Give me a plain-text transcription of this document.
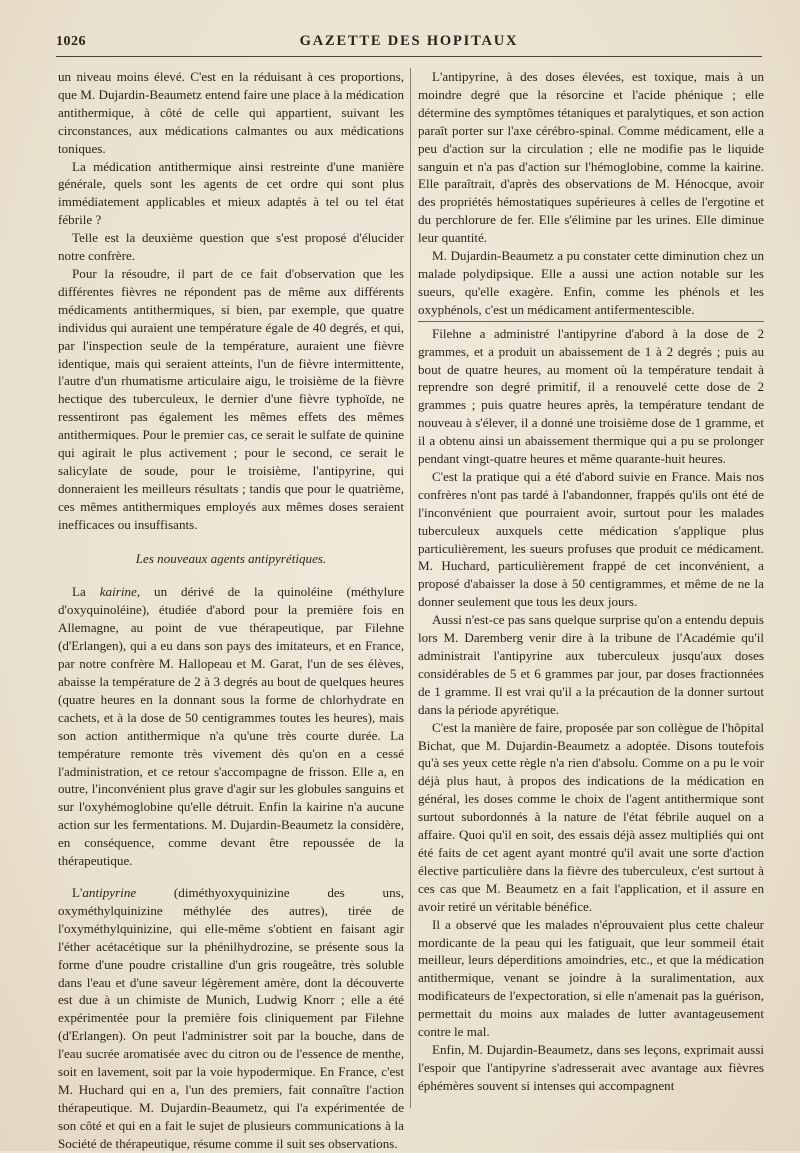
1026	GAZETTE DES HOPITAUX

un niveau moins élevé. C'est en la réduisant à ces proportions, que M. Dujardin-Beaumetz entend faire une place à la médication antithermique, à côté de celle qui appartient, suivant les circonstances, aux médications calmantes ou aux médications toniques.

La médication antithermique ainsi restreinte d'une manière générale, quels sont les agents de cet ordre qui sont plus immédiatement applicables et mieux adaptés à tel ou tel état fébrile ?

Telle est la deuxième question que s'est proposé d'élucider notre confrère.

Pour la résoudre, il part de ce fait d'observation que les différentes fièvres ne répondent pas de même aux différents médicaments antithermiques, si bien, par exemple, que quatre individus qui auraient une température égale de 40 degrés, et qui, par l'inspection seule de la température, auraient une fièvre identique, mais qui seraient atteints, l'un de fièvre intermittente, l'autre d'un rhumatisme articulaire aigu, le troisième de la fièvre hectique des tuberculeux, le dernier d'une fièvre typhoïde, ne ressentiront pas également les mêmes effets des mêmes antithermiques. Pour le premier cas, ce serait le sulfate de quinine qui agirait le plus activement ; pour le second, ce serait le salicylate de soude, pour le troisième, l'antipyrine, qui donneraient les meilleurs résultats ; tandis que pour le quatrième, ces mêmes antithermiques employés aux mêmes doses seraient inefficaces ou insuffisants.

Les nouveaux agents antipyrétiques.

La kairine, un dérivé de la quinoléine (méthylure d'oxyquinoléine), étudiée d'abord pour la première fois en Allemagne, au point de vue thérapeutique, par Filehne (d'Erlangen), qui a eu dans son pays des imitateurs, et en France, par notre confrère M. Hallopeau et M. Garat, l'un de ses élèves, abaisse la température de 2 à 3 degrés au bout de quelques heures (quatre heures en la donnant sous la forme de chlorhydrate en cachets, et à la dose de 50 centigrammes toutes les heures), mais son action antithermique n'a qu'une très courte durée. La température remonte très vivement dès qu'on en a cessé l'administration, et ce retour s'accompagne de frisson. Elle a, en outre, l'inconvénient plus grave d'agir sur les globules sanguins et sur l'oxyhémoglobine qu'elle détruit. Enfin la kairine n'a aucune action sur les fermentations. M. Dujardin-Beaumetz la considère, en conséquence, comme devant être repoussée de la thérapeutique.

L'antipyrine (diméthyoxyquinizine des uns, oxyméthylquinizine méthylée des autres), tirée de l'oxyméthylquinizine, qui elle-même s'obtient en faisant agir l'éther acétacétique sur la phénilhydrozine, se présente sous la forme d'une poudre cristalline d'un gris rougeâtre, très soluble dans l'eau et d'une saveur légèrement amère, dont la découverte est due à un chimiste de Munich, Ludwig Knorr ; elle a été expérimentée pour la première fois cliniquement par Filehne (d'Erlangen). On peut l'administrer soit par la bouche, dans de l'eau sucrée aromatisée avec du citron ou de l'essence de menthe, soit en lavement, soit par la voie hypodermique. En France, c'est M. Huchard qui en a, l'un des premiers, fait connaître l'action thérapeutique. M. Dujardin-Beaumetz, qui l'a expérimentée de son côté et qui en a fait le sujet de plusieurs communications à la Société de thérapeutique, résume comme il suit ses observations.

L'antipyrine, à des doses élevées, est toxique, mais à un moindre degré que la résorcine et l'acide phénique ; elle détermine des symptômes tétaniques et paralytiques, et son action paraît porter sur l'axe cérébro-spinal. Comme médicament, elle a peu d'action sur la circulation ; elle ne modifie pas le liquide sanguin et n'a pas d'action sur l'hémoglobine, comme la kairine. Elle paraîtrait, d'après des observations de M. Hénocque, avoir des propriétés hémostatiques supérieures à celles de l'ergotine et du perchlorure de fer. Elle s'élimine par les urines. Elle diminue leur quantité.

M. Dujardin-Beaumetz a pu constater cette diminution chez un malade polydipsique. Elle a aussi une action notable sur les sueurs, qu'elle exagère. Enfin, comme les phénols et les oxyphénols, c'est un médicament antifermentescible.

Filehne a administré l'antipyrine d'abord à la dose de 2 grammes, et a produit un abaissement de 1 à 2 degrés ; puis au bout de quatre heures, au moment où la température tendait à reprendre son degré primitif, il a renouvelé cette dose de 2 grammes ; puis quatre heures après, la température tendant de nouveau à s'élever, il a donné une troisième dose de 1 gramme, et il a obtenu ainsi un abaissement thermique qui a pu se prolonger pendant vingt-quatre heures et même quarante-huit heures.

C'est la pratique qui a été d'abord suivie en France. Mais nos confrères n'ont pas tardé à l'abandonner, frappés qu'ils ont été de l'inconvénient que pourraient avoir, surtout pour les malades tuberculeux auxquels cette médication s'applique plus particulièrement, les sueurs profuses que produit ce médicament. M. Huchard, particulièrement frappé de cet inconvénient, a proposé d'abaisser la dose à 50 centigrammes, et même de ne la donner seulement que tous les deux jours.

Aussi n'est-ce pas sans quelque surprise qu'on a entendu depuis lors M. Daremberg venir dire à la tribune de l'Académie qu'il administrait l'antipyrine aux tuberculeux jusqu'aux doses considérables de 5 et 6 grammes par jour, par doses fractionnées de 1 gramme. Il est vrai qu'il a la précaution de la donner surtout dans la période apyrétique.

C'est la manière de faire, proposée par son collègue de l'hôpital Bichat, que M. Dujardin-Beaumetz a adoptée. Disons toutefois qu'à ses yeux cette règle n'a rien d'absolu. Comme on a pu le voir déjà plus haut, à propos des indications de la médication en général, les doses comme le choix de l'agent antithermique sont surtout subordonnés à la nature de l'état fébrile auquel on a affaire. Quoi qu'il en soit, des essais déjà assez multipliés qui ont été faits de cet agent ayant montré qu'il avait une sorte d'action élective particulière dans la fièvre des tuberculeux, c'est surtout à ces cas que M. Beaumetz en a fait l'application, et il assure en avoir retiré un véritable bénéfice.

Il a observé que les malades n'éprouvaient plus cette chaleur mordicante de la peau qui les fatiguait, que leur sommeil était meilleur, leurs déperditions amoindries, etc., et que la médication antithermique, venant se joindre à la suralimentation, aux modificateurs de l'expectoration, si elle n'amenait pas la guérison, permettait du moins aux malades de lutter avantageusement contre le mal.

Enfin, M. Dujardin-Beaumetz, dans ses leçons, exprimait aussi l'espoir que l'antipyrine s'adresserait avec avantage aux fièvres éphémères souvent si intenses qui accompagnent
